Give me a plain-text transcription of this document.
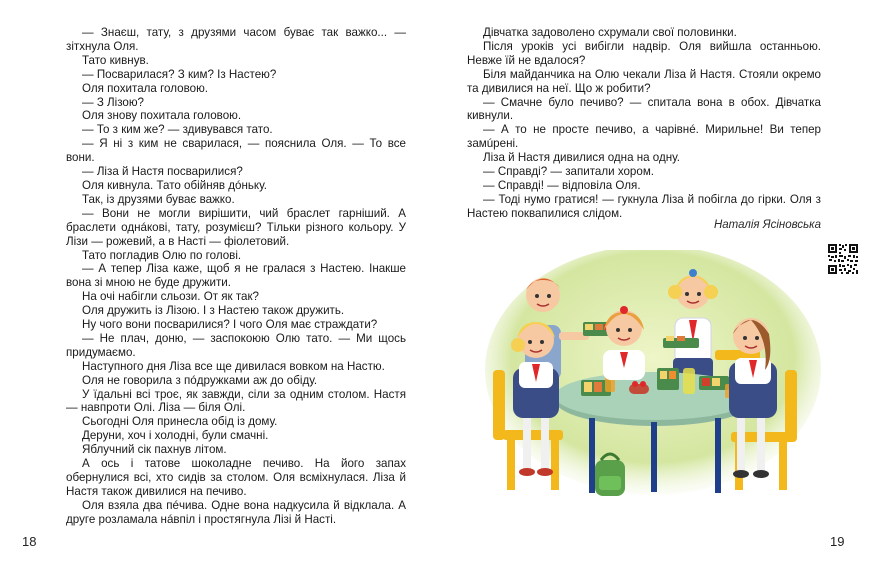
— Знаєш, тату, з друзями часом буває так важко... — зітхнула Оля.

Тато кивнув.

— Посварилася? З ким? Із Настею?

Оля похитала головою.

— З Лізою?

Оля знову похитала головою.

— То з ким же? — здивувався тато.

— Я ні з ким не сварилася, — пояснила Оля. — То все вони.

— Ліза й Настя посварилися?

Оля кивнула. Тато обійняв дóньку.

Так, із друзями буває важко.

— Вони не могли вирішити, чий браслет гарніший. А браслети однáкові, тату, розумієш? Тільки різного кольору. У Лізи — рожевий, а в Насті — фіолетовий.

Тато погладив Олю по голові.

— А тепер Ліза каже, щоб я не гралася з Настею. Інакше вона зі мною не буде дружити.

На очі набігли сльози. От як так?

Оля дружить із Лізою. І з Настею також дружить.

Ну чого вони посварилися? І чого Оля має страждати?

— Не плач, доню, — заспокоюю Олю тато. — Ми щось придумаємо.

Наступного дня Ліза все ще дивилася вовком на Настю.

Оля не говорила з пóдружками аж до обіду.

У їдальні всі троє, як завжди, сіли за одним столом. Настя — навпроти Олі. Ліза — біля Олі.

Сьогодні Оля принесла обід із дому.

Деруни, хоч і холодні, були смачні.

Яблучний сік пахнув літом.

А ось і татове шоколадне печиво. На його запах обернулися всі, хто сидів за столом. Оля всміхнулася. Ліза й Настя також дивилися на печиво.

Оля взяла два пéчива. Одне вона надкусила й відклала. А друге розламала нáвпіл і простягнула Лізі й Насті.

18

Дівчатка задоволено схрумали свої половинки.

Після уроків усі вибігли надвір. Оля вийшла останньою. Невже їй не вдалося?

Біля майданчика на Олю чекали Ліза й Настя. Стояли окремо та дивилися на неї. Що ж робити?

— Смачне було печиво? — спитала вона в обох. Дівчатка кивнули.

— А то не просте печиво, а чарівнé. Мирильне! Ви тепер замúрені.

Ліза й Настя дивилися одна на одну.

— Справді? — запитали хором.

— Справді! — відповіла Оля.

— Тоді нумо гратися! — гукнула Ліза й побігла до гірки. Оля з Настею поквапилися слідом.

Наталія Ясіновська
19
